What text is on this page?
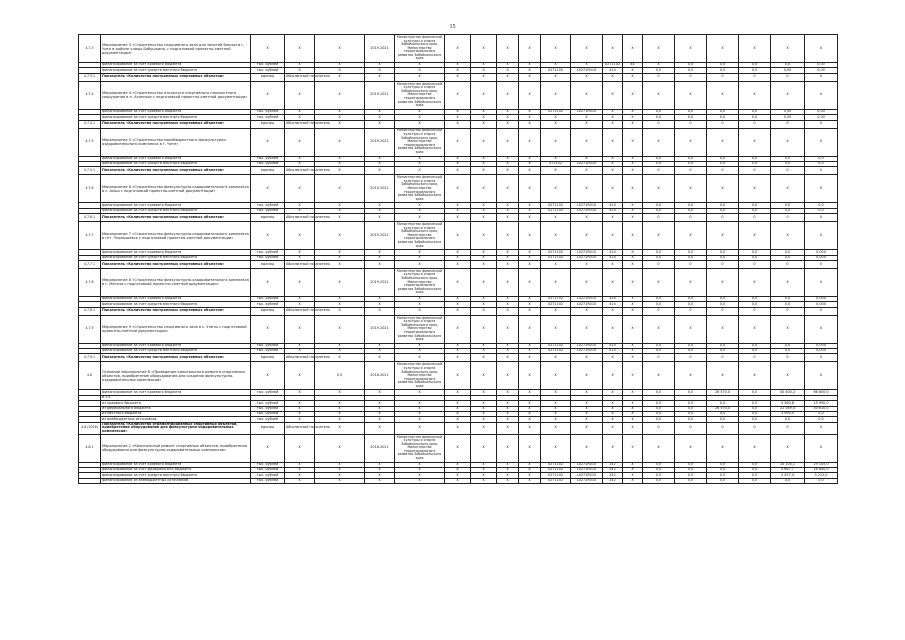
15
4.7.3	Мероприятие 3 «Строительство спортивного зала для занятий боксом в г. Чите в районе улицы Бабушкина, с подготовкой проектно-сметной документации»	X	X	X	2019-2021	Министерство физической культуры и спорта Забайкальского края, Министерство территориального развития Забайкальского края	X	X	X	X	X	X	X	X	X	X	X	X	X	X
	финансирование за счет краевого бюджета	тыс. рублей	X	X	X	X	X	X	X	X	X	X	0271102	44	X	0,0	0,0	0,0	0,0	0,00
	финансирование за счет средств местного бюджета	тыс. рублей	X	X	X	X	X	X	X	X	0271102	L0271R010	414	X	0,0	0,0	0,0	0,0	0,00	0,00
4.7.3.1	Показатель «Количество построенных спортивных объектов»	единиц	Абсолютный показатель	X	X	X	X	X	X	X	X	X	X	X	0	0	0	0	0	0
4.7.4	Мероприятие 4 «Строительство открытого спортивного плоскостного сооружения в п. Агинское с подготовкой проектно-сметной документации»	X	X	X	2019-2021	Министерство физической культуры и спорта Забайкальского края, Министерство территориального развития Забайкальского края	X	X	X	X	X	X	X	X	X	X	X	X	X	X
	финансирование за счет краевого бюджета	тыс. рублей	X	X	X	X	X	X	X	X	0271102	L0271R010	X	X	0,0	0,0	0,0	0,0	0,00	0,00
	финансирование за счет средств местного бюджета	тыс. рублей	X	X	X	X	X	X	X	X	X	X	X	X	0,0	0,0	0,0	0,0	0,00	0,00
4.7.4.1	Показатель «Количество построенных спортивных объектов»	единиц	Абсолютный показатель	X	X	X	X	X	X	X	X	X	X	X	0	0	0	0	0	0
4.7.5	Мероприятие 5 «Строительство малобюджетного физкультурно-оздоровительного комплекса в г. Чите»	X	X	X	2019-2021	Министерство физической культуры и спорта Забайкальского края, Министерство территориального развития Забайкальского края	X	X	X	X	X	X	X	X	X	X	X	X	X	X
	финансирование за счет краевого бюджета	тыс. рублей	X	X	X	X	X	X	X	X	X	X	X	X	0,0	0,0	0,0	0,0	0,0	0,0
	финансирование за счет средств местного бюджета	тыс. рублей	X	X	X	X	X	X	X	X	271102	L0271R010	X	X	0,0	0,0	0,0	0,0	0,0	0,0
4.7.5.1	Показатель «Количество построенных спортивных объектов»	единиц	Абсолютный показатель	X	X	X	X	X	X	X	X	X	X	X	0	0	0	0	0	0
4.7.6	Мероприятие 6 «Строительство физкультурно-оздоровительного комплекса в с. Акша с подготовкой проектно-сметной документации»	X	X	X	2019-2021	Министерство физической культуры и спорта Забайкальского края, Министерство территориального развития Забайкальского края	X	X	X	X	X	X	X	X	X	X	X	X	X	X
	финансирование за счет краевого бюджета	тыс. рублей	X	X	X	X	X	X	X	X	0271102	L0271R010	414	X	0,0	0,0	0,0	0,0	0,0	0,0
	финансирование за счет средств местного бюджета	тыс. рублей	X	X	X	X	X	X	X	X	0271102	L0271R010	414	X	0,0	0,0	0,0	0,0	0,0	0,0
4.7.6.1	Показатель «Количество построенных спортивных объектов»	единиц	Абсолютный показатель	X	X	X	X	X	X	X	X	X	X	X	0	0	0	0	0	0
4.7.7	Мероприятие 7 «Строительство физкультурно-оздоровительного комплекса в пгт. Чернышевск с подготовкой проектно-сметной документации»	X	X	X	2019-2021	Министерство физической культуры и спорта Забайкальского края, Министерство территориального развития Забайкальского края	X	X	X	X	X	X	X	X	X	X	X	X	X	X
	финансирование за счет краевого бюджета	тыс. рублей	X	X	X	X	X	X	X	X	0271102	L0271R010	414	X	0,0	0,0	0,0	0,0	0,0	0,000
	финансирование за счет средств местного бюджета	тыс. рублей	X	X	X	X	X	X	X	X	0271102	L0271R010	414	X	0,0	0,0	0,0	0,0	0,0	0,000
4.7.7.1	Показатель «Количество построенных спортивных объектов»	единиц	Абсолютный показатель	X	X	X	X	X	X	X	X	X	X	X	0	0	0	0	0	0
4.7.8	Мероприятие 8 «Строительство физкультурно-оздоровительного комплекса в г. Могоча с подготовкой проектно-сметной документации»	X	X	X	2019-2021	Министерство физической культуры и спорта Забайкальского края, Министерство территориального развития Забайкальского края	X	X	X	X	X	X	X	X	X	X	X	X	X	X
	финансирование за счет краевого бюджета	тыс. рублей	X	X	X	X	X	X	X	X	0271102	L0271R010	414	X	0,0	0,0	0,0	0,0	0,0	0,000
	финансирование за счет средств местного бюджета	тыс. рублей	X	X	X	X	X	X	X	X	0271102	L0271R010	414	X	0,0	0,0	0,0	0,0	0,0	0,000
4.7.8.1	Показатель «Количество построенных спортивных объектов»	единиц	Абсолютный показатель	X	X	X	X	X	X	X	X	X	X	X	0	0	0	0	0	0
4.7.9	Мероприятие 9 «Строительство спортивного зала в с. Улеты с подготовкой проектно-сметной документации»	X	X	X	2019-2021	Министерство физической культуры и спорта Забайкальского края, Министерство территориального развития Забайкальского края	X	X	X	X	X	X	X	X	X	X	X	X	X	X
	финансирование за счет краевого бюджета	тыс. рублей	X	X	X	X	X	X	X	X	0271102	L0271R010	414	X	0,0	0,0	0,0	0,0	0,0	0,000
	финансирование за счет средств местного бюджета	тыс. рублей	X	X	X	X	X	X	X	X	0271102	L0271R010	414	X	0,0	0,0	0,0	0,0	0,0	0,000
4.7.9.1	Показатель «Количество построенных спортивных объектов»	единиц	Абсолютный показатель	X	X	X	X	X	X	X	X	X	X	X	0	0	0	0	0	0
4.8	Основное мероприятие 8 «Проведение капитального ремонта спортивных объектов, приобретение оборудования для создания физкультурно-оздоровительных комплексов»	X	X	0,0	2016-2021	Министерство физической культуры и спорта Забайкальского края, Министерство территориального развития Забайкальского края	X	X	X	X	X	X	X	X	X	X	X	X	X	X
	финансирование за счет краевого бюджета	тыс. рублей	X	X	X	X	X	X	X	X	X	X	X	X	0,0	0,0	26 570,0	0,0	30 400,2	66 600,0
	в т.ч.																			
	из краевого бюджета	тыс. рублей	X	X	X	X	X	X	X	X	X	X	X	X	0,0	0,0	0,0	0,0	4 360,8	15 990,0
	из федерального бюджета	тыс. рублей	X	X	X	X	X	X	X	X	X	X	X	X	0,0	0,0	26 570,0	0,0	22 049,4	50 610,0
	из местного бюджета	тыс. рублей	X	X	X	X	X	X	X	X	X	X	X	X	0,0	0,0	0,0	0,0	3 990,0	0,0
	из внебюджетных источников	тыс. рублей	X	X	X	X	X	X	X	X	X	X	X	X	0,0	0,0	0,0	0,0	0,0	0,0
4.8 (2016)	Показатель «Количество отремонтированных спортивных объектов, приобретение оборудования для физкультурно-оздоровительных комплексов»	единиц	Абсолютный показатель	X	X	X	X	X	X	X	X	X	X	X	0	0	0	0	0	0
4.8.1	Мероприятие 1 «Капитальный ремонт спортивных объектов, приобретение оборудования для физкультурно-оздоровительных комплексов»	X	X	X	2016-2021	Министерство физической культуры и спорта Забайкальского края, Министерство территориального развития Забайкальского края	X	X	X	X	X	X	X	X	X	X	X	X	X	X
	финансирование за счет краевого бюджета	тыс. рублей	X	X	X	X	X	X	X	X	0271102	L0271R010	242	X	0,0	0,0	0,0	0,0	10 105,1	29 105,0
	финансирование за счет федерального бюджета	тыс. рублей	X	X	X	X	X	X	X	X	0271102	L0271R010	242	X	0,0	0,0	0,0	0,0	5 667,7	28 640,0
	финансирование за счет средств местного бюджета	тыс. рублей	X	X	X	X	X	X	X	X	0271102	L0271R010	242	X	0,0	0,0	0,0	0,0	3 437,4	3 212,0
	финансирование из внебюджетных источников	тыс. рублей	X	X	X	X	X	X	X	X	0271102	L0271R010	242	X	0,0	0,0	0,0	0,0	0,0	0,0
